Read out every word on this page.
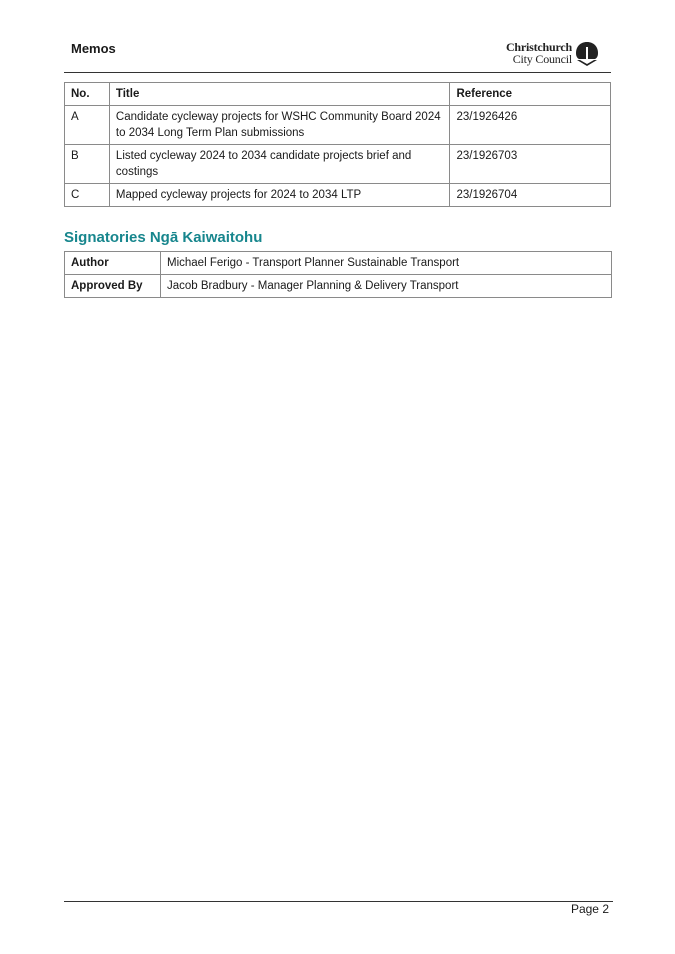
Memos	Christchurch
City Council
No.	Title	Reference
A	Candidate cycleway projects for WSHC Community Board 2024 to 2034 Long Term Plan submissions	23/1926426
B	Listed cycleway 2024 to 2034 candidate projects brief and costings	23/1926703
C	Mapped cycleway projects for 2024 to 2034 LTP	23/1926704
Signatories Ngā Kaiwaitohu
Author	Michael Ferigo - Transport Planner Sustainable Transport
Approved By	Jacob Bradbury - Manager Planning & Delivery Transport
Page 2
